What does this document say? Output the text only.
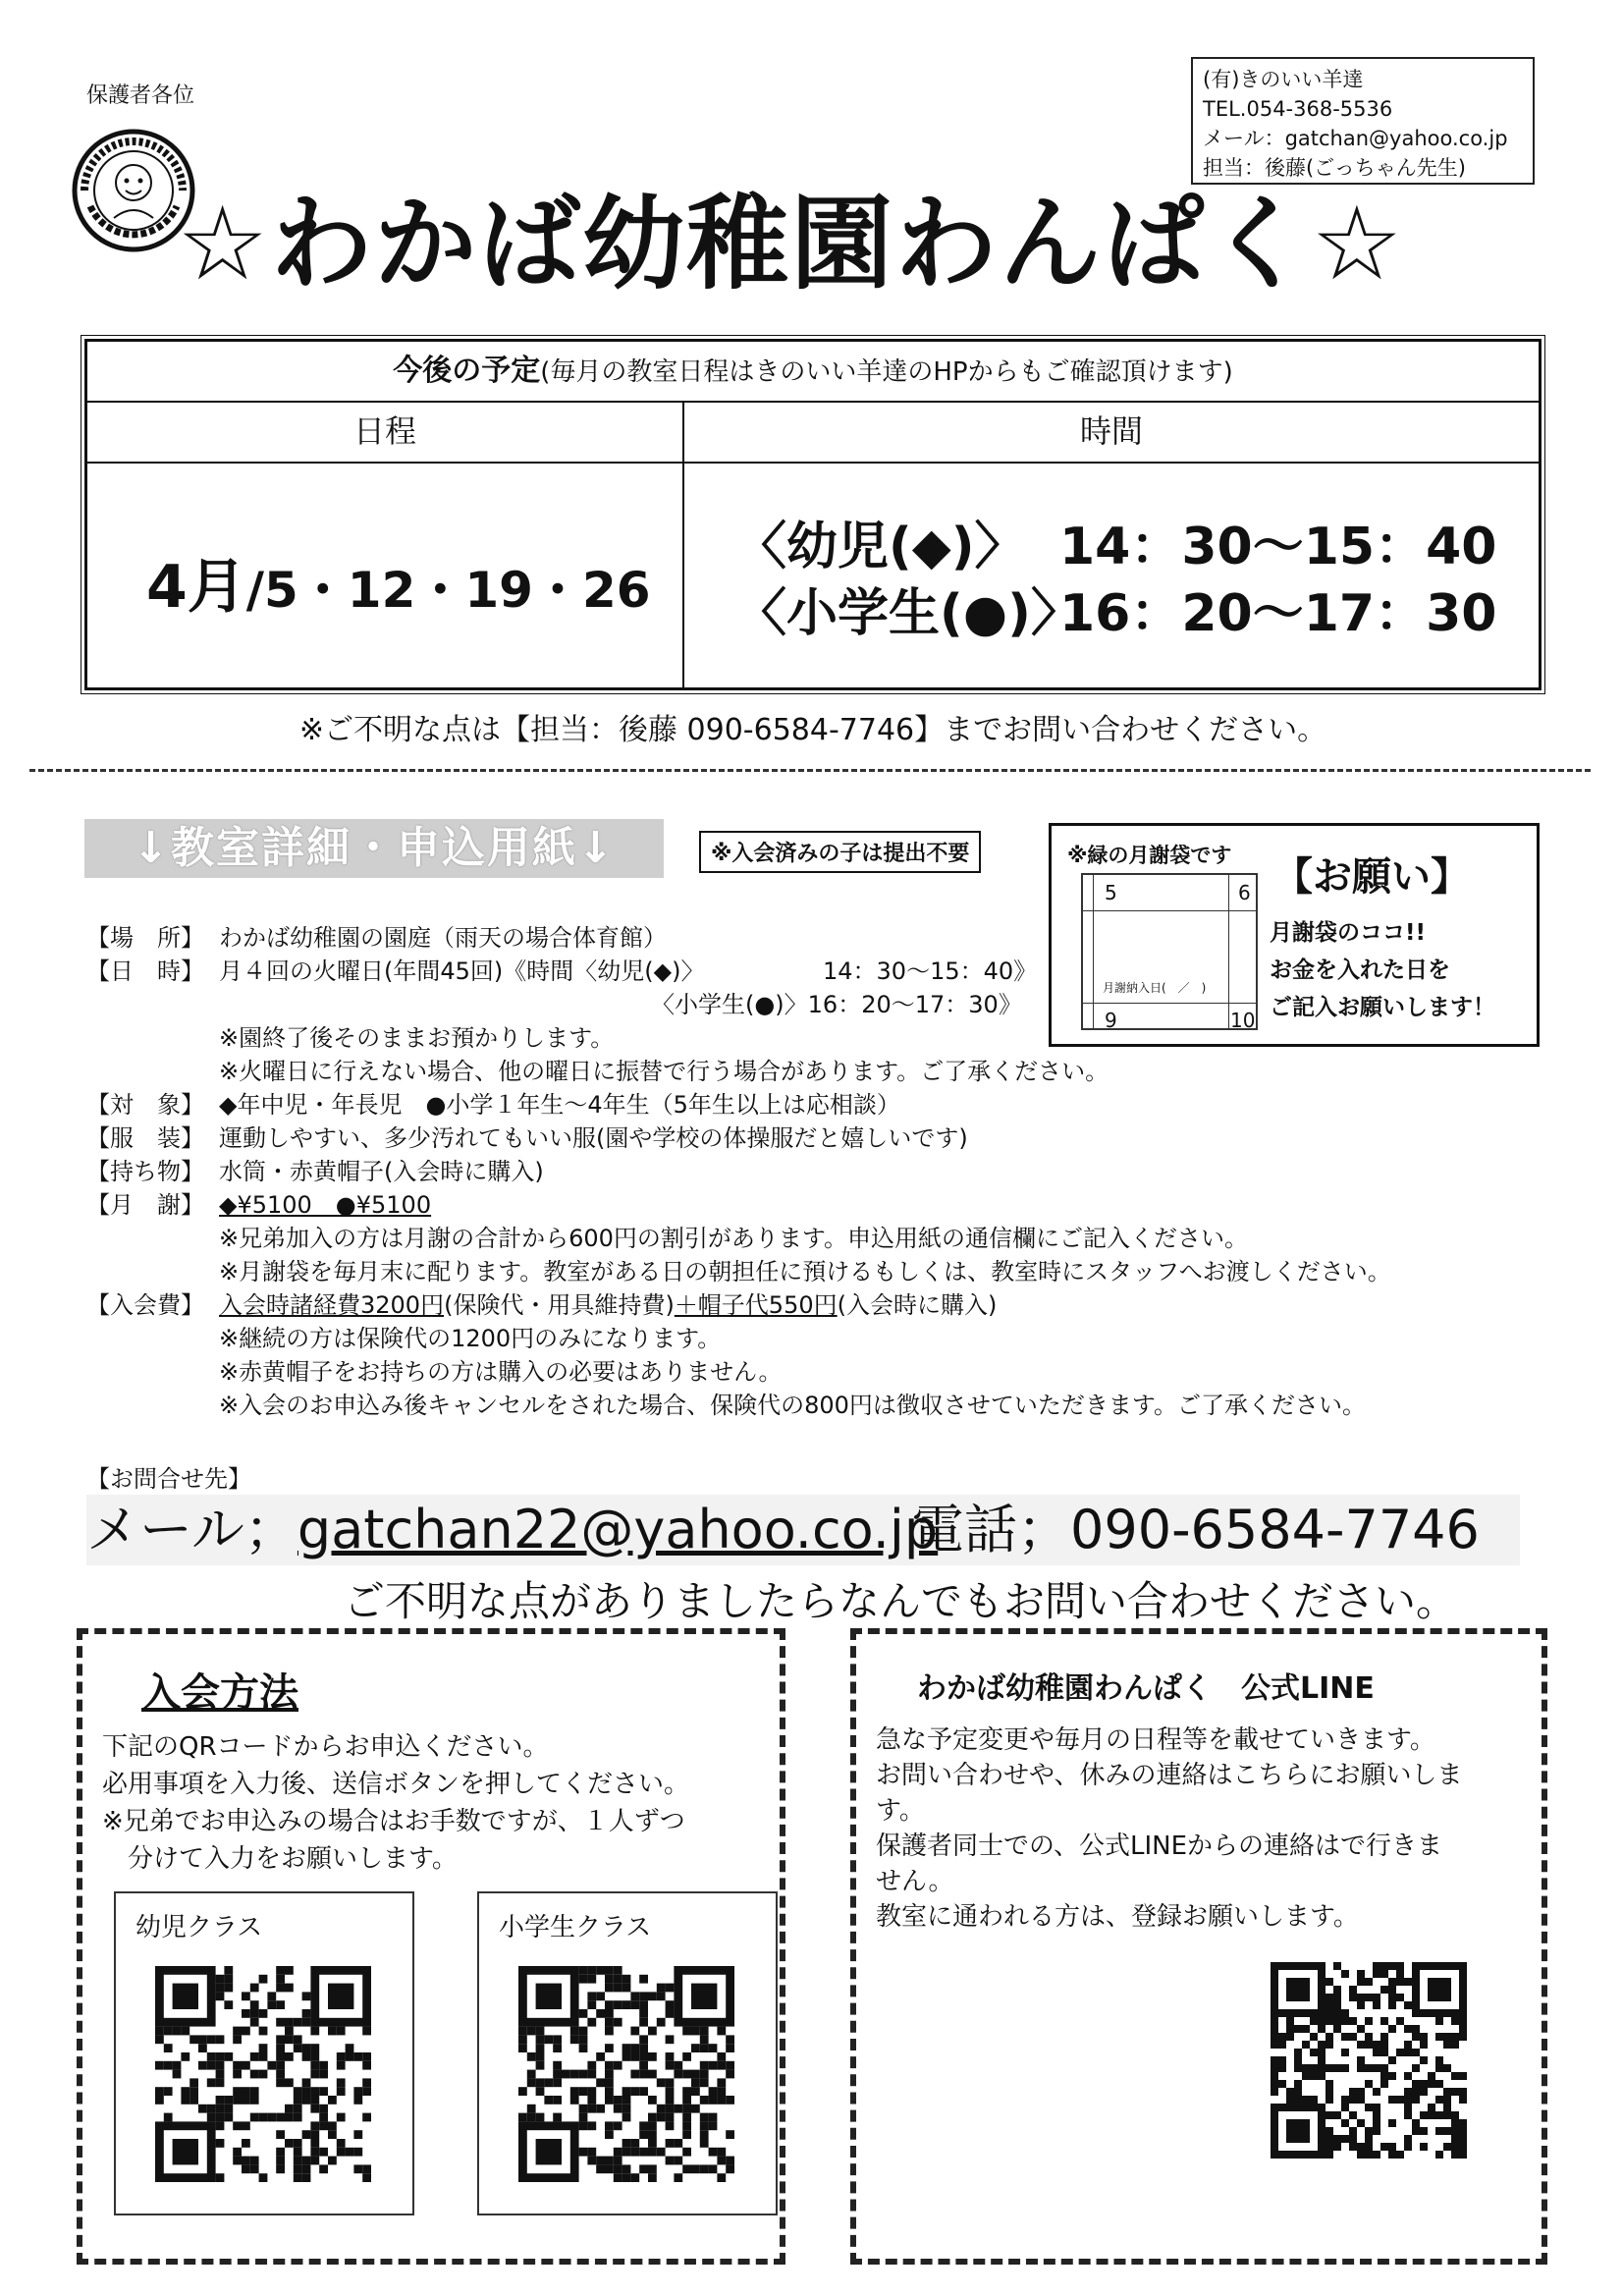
保護者各位
(有)きのいい羊達
TEL.054-368-5536
メール：gatchan@yahoo.co.jp
担当：後藤(ごっちゃん先生)
☆わかば幼稚園わんぱく☆
今後の予定(毎月の教室日程はきのいい羊達のHPからもご確認頂けます)
日程	時間
4月/5・12・19・26
〈幼児(◆)〉 14：30～15：40
〈小学生(●)〉16：20～17：30
※ご不明な点は【担当：後藤 090-6584-7746】までお問い合わせください。
↓教室詳細・申込用紙↓	※入会済みの子は提出不要	※緑の月謝袋です
5	6
月謝納入日(　／　)
9	10
【お願い】
月謝袋のココ!!
お金を入れた日を
ご記入お願いします！
【場　所】 わかば幼稚園の園庭（雨天の場合体育館）
【日　時】 月４回の火曜日(年間45回)《時間〈幼児(◆)〉	14：30～15：40》
〈小学生(●)〉16：20～17：30》
※園終了後そのままお預かりします。
※火曜日に行えない場合、他の曜日に振替で行う場合があります。ご了承ください。
【対　象】 ◆年中児・年長児　●小学１年生～4年生（5年生以上は応相談）
【服　装】 運動しやすい、多少汚れてもいい服(園や学校の体操服だと嬉しいです)
【持ち物】 水筒・赤黄帽子(入会時に購入)
【月　謝】 ◆¥5100　●¥5100
※兄弟加入の方は月謝の合計から600円の割引があります。申込用紙の通信欄にご記入ください。
※月謝袋を毎月末に配ります。教室がある日の朝担任に預けるもしくは、教室時にスタッフへお渡しください。
【入会費】 入会時諸経費3200円(保険代・用具維持費)＋帽子代550円(入会時に購入)
※継続の方は保険代の1200円のみになります。
※赤黄帽子をお持ちの方は購入の必要はありません。
※入会のお申込み後キャンセルをされた場合、保険代の800円は徴収させていただきます。ご了承ください。
【お問合せ先】
メール；gatchan22@yahoo.co.jp
電話；090-6584-7746
ご不明な点がありましたらなんでもお問い合わせください。
入会方法
下記のQRコードからお申込ください。
必用事項を入力後、送信ボタンを押してください。
※兄弟でお申込みの場合はお手数ですが、１人ずつ
　分けて入力をお願いします。
幼児クラス	小学生クラス
わかば幼稚園わんぱく　公式LINE
急な予定変更や毎月の日程等を載せていきます。
お問い合わせや、休みの連絡はこちらにお願いしま
す。
保護者同士での、公式LINEからの連絡はで行きま
せん。
教室に通われる方は、登録お願いします。
